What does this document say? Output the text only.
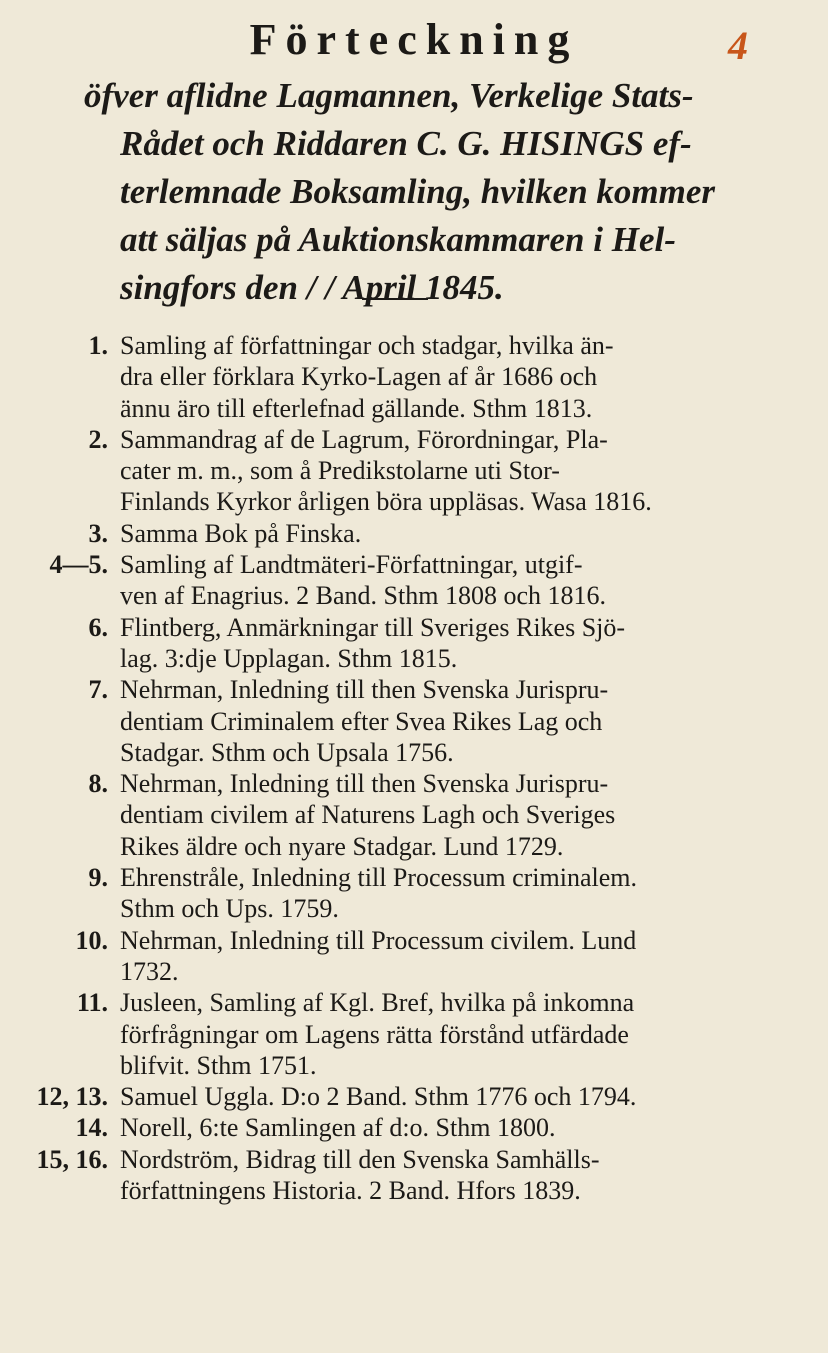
4
Förteckning
öfver aflidne Lagmannen, Verkelige Stats-
Rådet och Riddaren C. G. HISINGS ef-
terlemnade Boksamling, hvilken kommer
att säljas på Auktionskammaren i Hel-
singfors den / / April 1845.
1. Samling af författningar och stadgar, hvilka än-
dra eller förklara Kyrko-Lagen af år 1686 och
ännu äro till efterlefnad gällande. Sthm 1813.
2. Sammandrag af de Lagrum, Förordningar, Pla-
cater m. m., som å Predikstolarne uti Stor-
Finlands Kyrkor årligen böra uppläsas. Wasa 1816.
3. Samma Bok på Finska.
4—5. Samling af Landtmäteri-Författningar, utgif-
ven af Enagrius. 2 Band. Sthm 1808 och 1816.
6. Flintberg, Anmärkningar till Sveriges Rikes Sjö-
lag. 3:dje Upplagan. Sthm 1815.
7. Nehrman, Inledning till then Svenska Jurispru-
dentiam Criminalem efter Svea Rikes Lag och
Stadgar. Sthm och Upsala 1756.
8. Nehrman, Inledning till then Svenska Jurispru-
dentiam civilem af Naturens Lagh och Sveriges
Rikes äldre och nyare Stadgar. Lund 1729.
9. Ehrenstråle, Inledning till Processum criminalem.
Sthm och Ups. 1759.
10. Nehrman, Inledning till Processum civilem. Lund
1732.
11. Jusleen, Samling af Kgl. Bref, hvilka på inkomna
förfrågningar om Lagens rätta förstånd utfärdade
blifvit. Sthm 1751.
12, 13. Samuel Uggla. D:o 2 Band. Sthm 1776 och 1794.
14. Norell, 6:te Samlingen af d:o. Sthm 1800.
15, 16. Nordström, Bidrag till den Svenska Samhälls-
författningens Historia. 2 Band. Hfors 1839.
